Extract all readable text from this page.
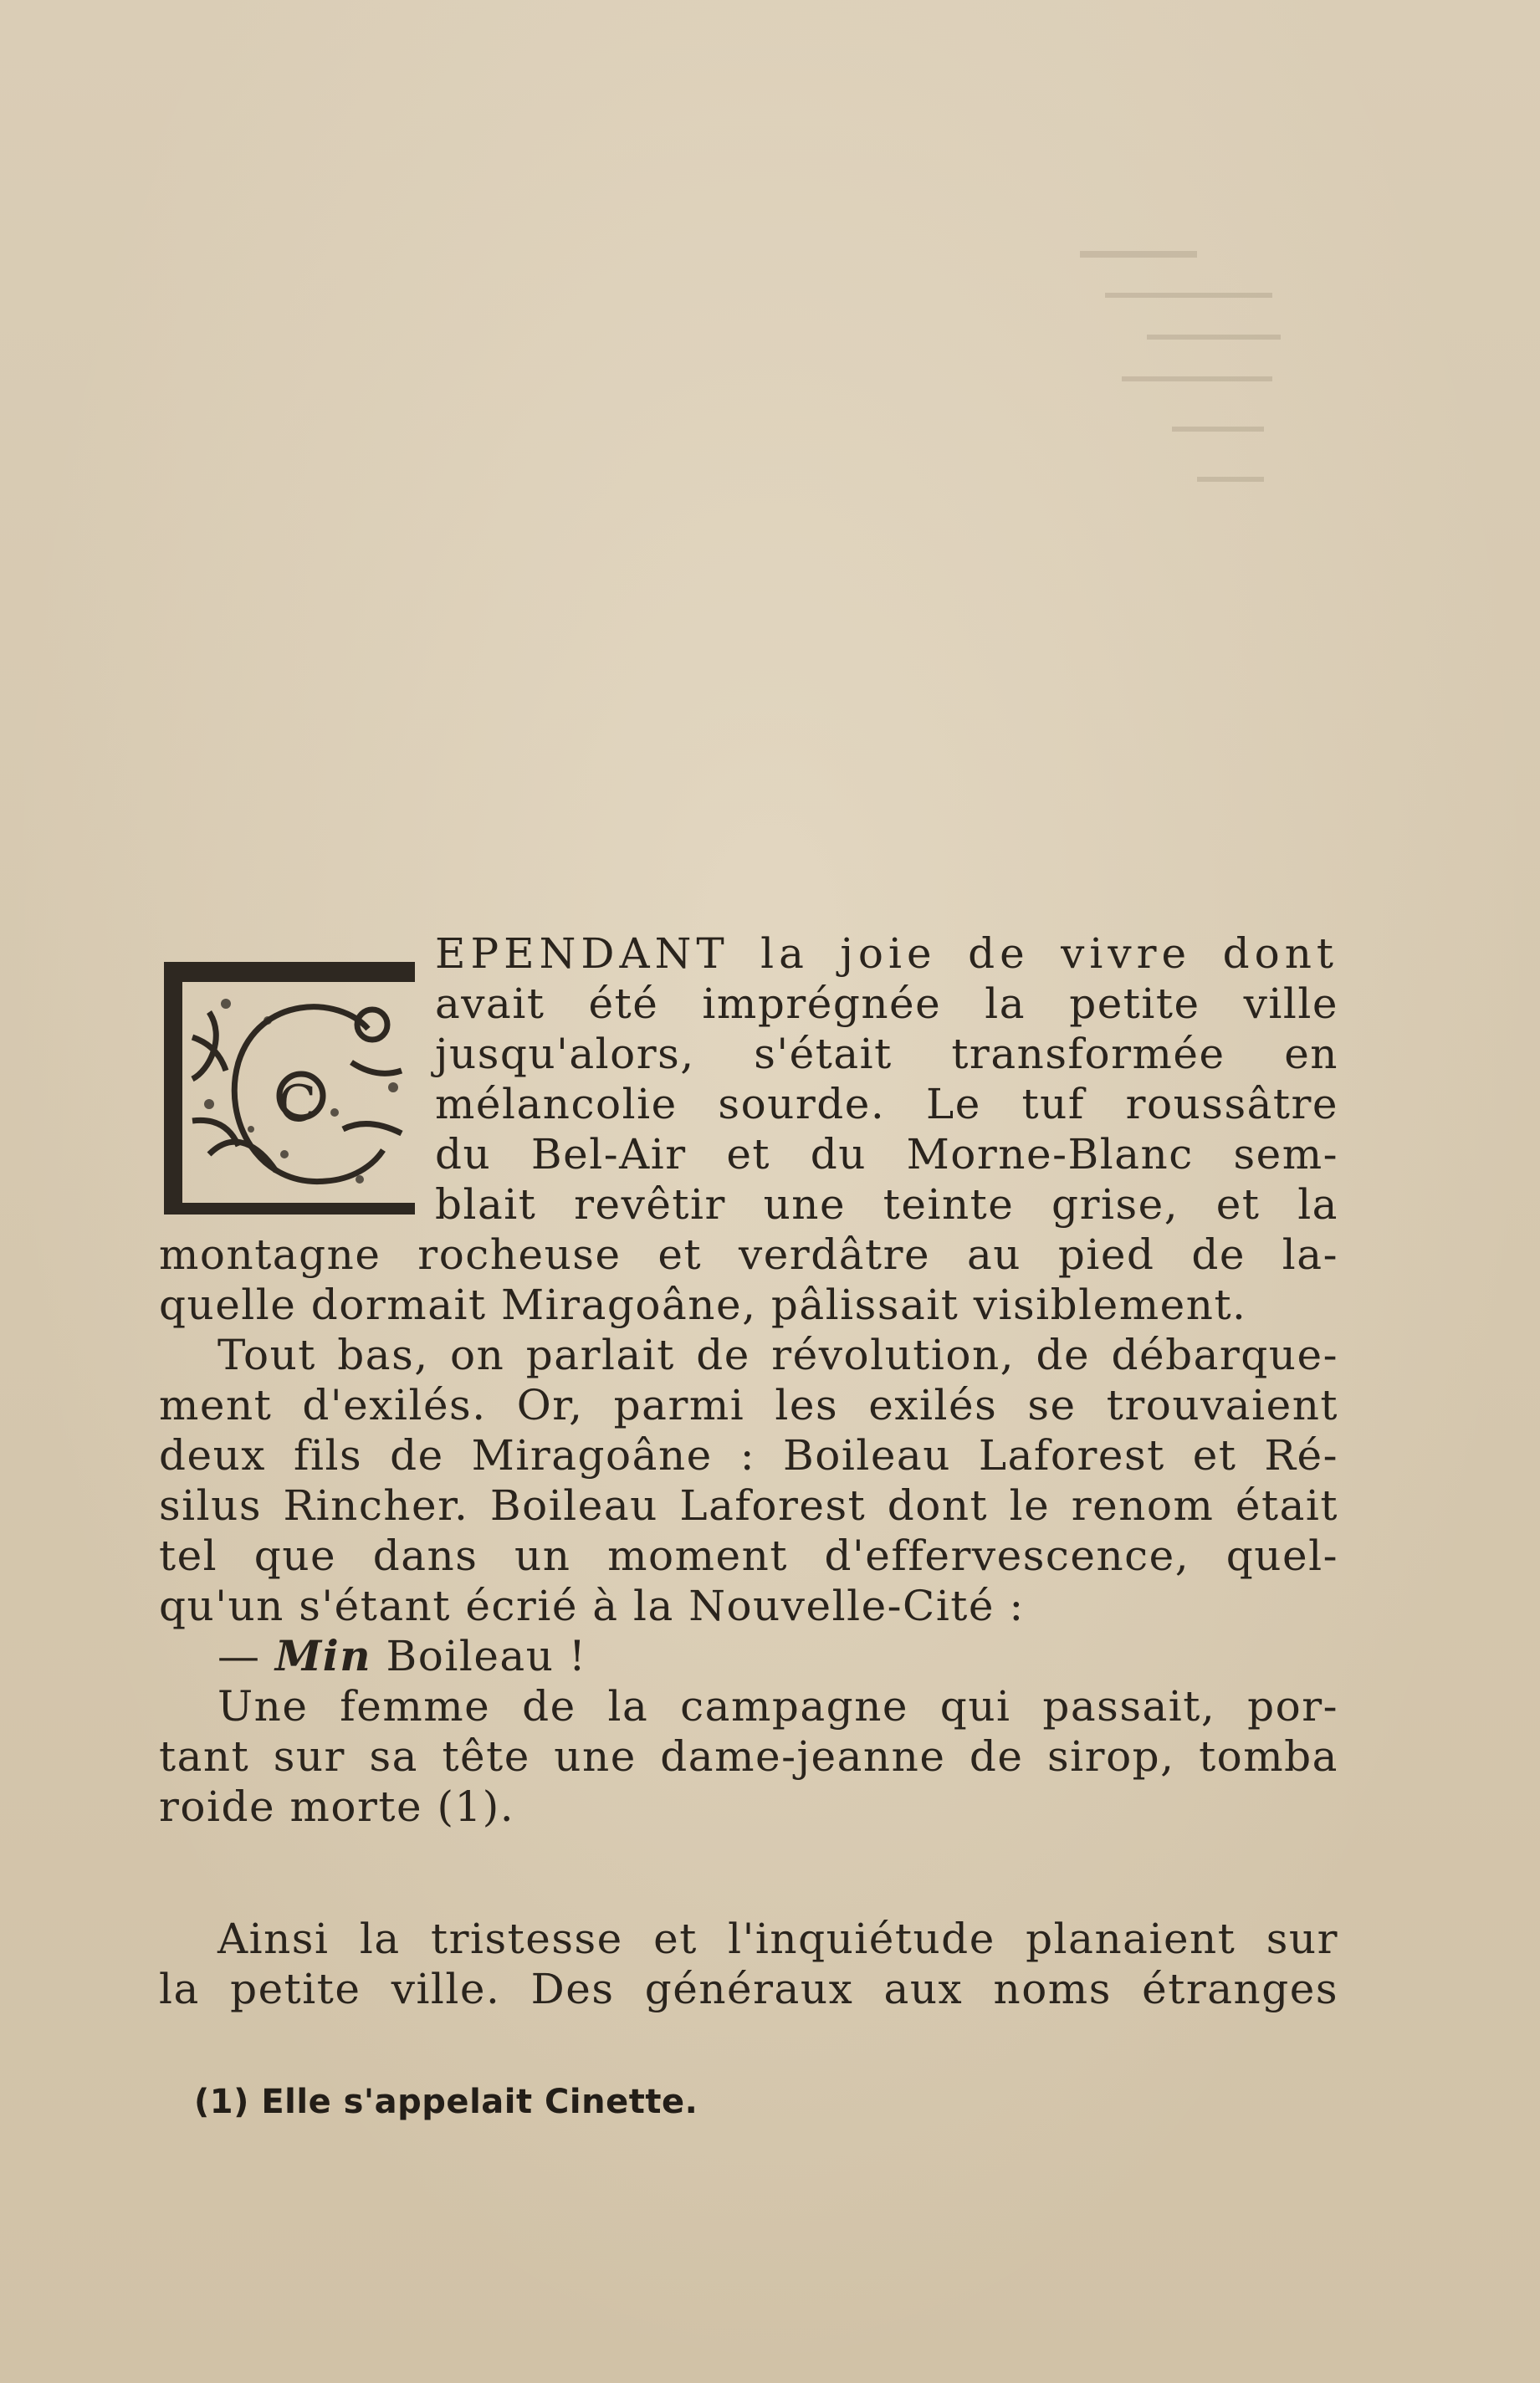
C
EPENDANT la joie de vivre dont
avait été imprégnée la petite ville
jusqu'alors, s'était transformée en
mélancolie sourde. Le tuf roussâtre
du Bel-Air et du Morne-Blanc sem-
blait revêtir une teinte grise, et la

montagne rocheuse et verdâtre au pied de la-
quelle dormait Miragoâne, pâlissait visiblement.

Tout bas, on parlait de révolution, de débarque-
ment d'exilés. Or, parmi les exilés se trouvaient
deux fils de Miragoâne : Boileau Laforest et Ré-
silus Rincher. Boileau Laforest dont le renom était
tel que dans un moment d'effervescence, quel-
qu'un s'étant écrié à la Nouvelle-Cité :

— Min Boileau !

Une femme de la campagne qui passait, por-
tant sur sa tête une dame-jeanne de sirop, tomba
roide morte (1).

Ainsi la tristesse et l'inquiétude planaient sur
la petite ville. Des généraux aux noms étranges

(1) Elle s'appelait Cinette.
